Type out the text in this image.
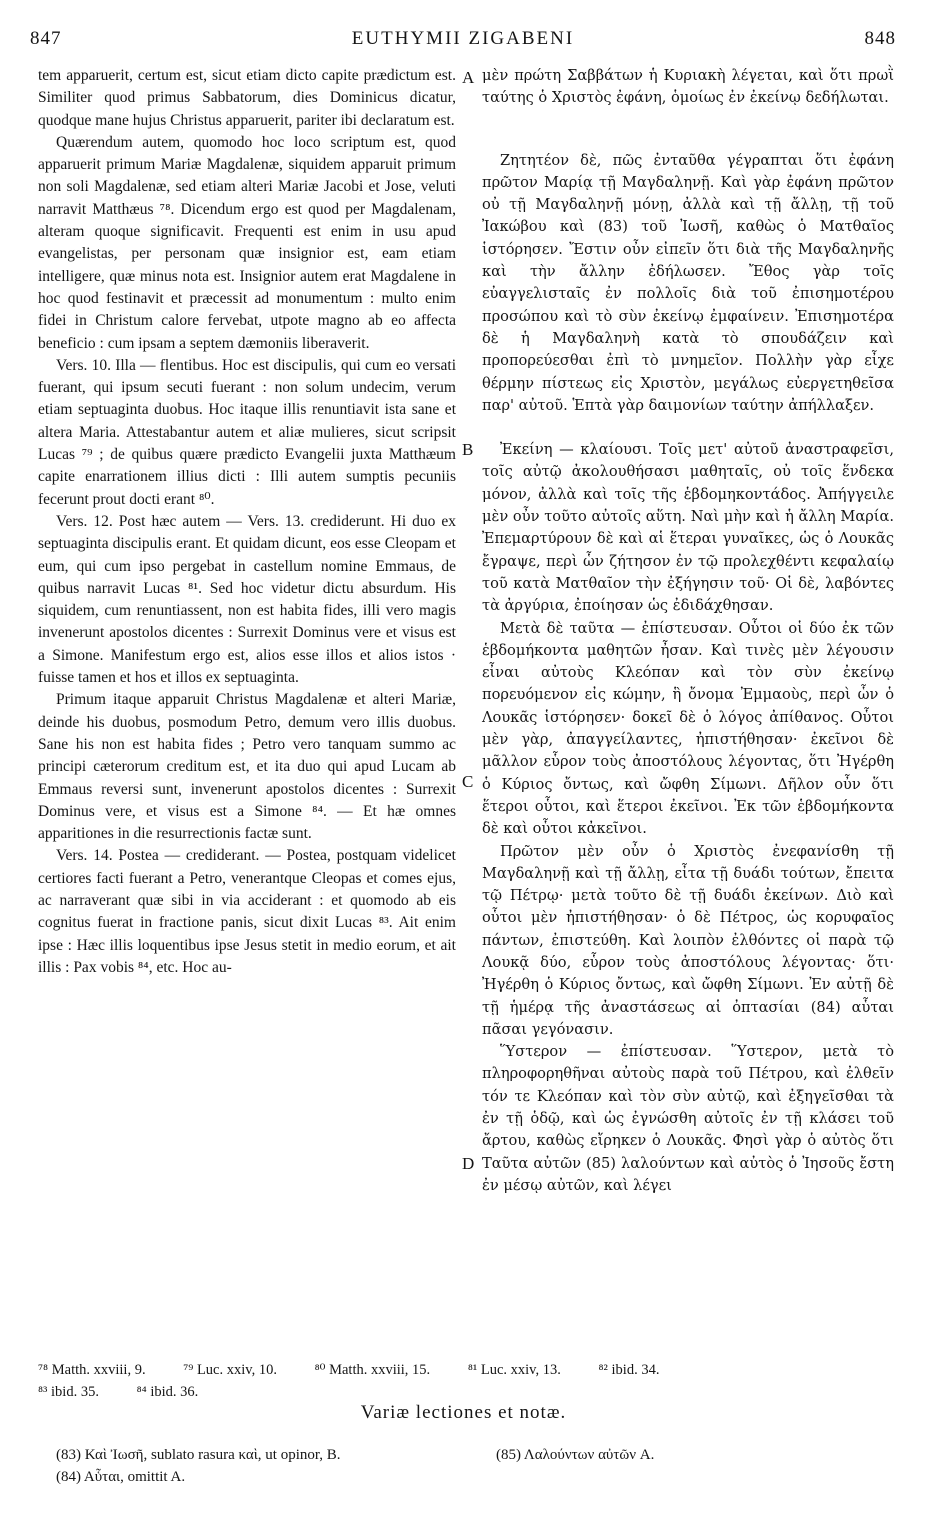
847	EUTHYMII ZIGABENI	848

tem apparuerit, certum est, sicut etiam dicto capite prædictum est. Similiter quod primus Sabbatorum, dies Dominicus dicatur, quodque mane hujus Christus apparuerit, pariter ibi declaratum est.

Quærendum autem, quomodo hoc loco scriptum est, quod apparuerit primum Mariæ Magdalenæ, siquidem apparuit primum non soli Magdalenæ, sed etiam alteri Mariæ Jacobi et Jose, veluti narravit Matthæus ⁷⁸. Dicendum ergo est quod per Magdalenam, alteram quoque significavit. Frequenti est enim in usu apud evangelistas, per personam quæ insignior est, eam etiam intelligere, quæ minus nota est. Insignior autem erat Magdalene in hoc quod festinavit et præcessit ad monumentum : multo enim fidei in Christum calore fervebat, utpote magno ab eo affecta beneficio : cum ipsam a septem dæmoniis liberaverit.

Vers. 10. Illa — flentibus. Hoc est discipulis, qui cum eo versati fuerant, qui ipsum secuti fuerant : non solum undecim, verum etiam septuaginta duobus. Hoc itaque illis renuntiavit ista sane et altera Maria. Attestabantur autem et aliæ mulieres, sicut scripsit Lucas ⁷⁹ ; de quibus quære prædicto Evangelii juxta Matthæum capite enarrationem illius dicti : Illi autem sumptis pecuniis fecerunt prout docti erant ⁸⁰.

Vers. 12. Post hæc autem — Vers. 13. crediderunt. Hi duo ex septuaginta discipulis erant. Et quidam dicunt, eos esse Cleopam et eum, qui cum ipso pergebat in castellum nomine Emmaus, de quibus narravit Lucas ⁸¹. Sed hoc videtur dictu absurdum. His siquidem, cum renuntiassent, non est habita fides, illi vero magis invenerunt apostolos dicentes : Surrexit Dominus vere et visus est a Simone. Manifestum ergo est, alios esse illos et alios istos · fuisse tamen et hos et illos ex septuaginta.

Primum itaque apparuit Christus Magdalenæ et alteri Mariæ, deinde his duobus, posmodum Petro, demum vero illis duobus. Sane his non est habita fides ; Petro vero tanquam summo ac principi cæterorum creditum est, et ita duo qui apud Lucam ab Emmaus reversi sunt, invenerunt apostolos dicentes : Surrexit Dominus vere, et visus est a Simone ⁸⁴. — Et hæ omnes apparitiones in die resurrectionis factæ sunt.

Vers. 14. Postea — crediderant. — Postea, postquam videlicet certiores facti fuerant a Petro, venerantque Cleopas et comes ejus, ac narraverant quæ sibi in via acciderant : et quomodo ab eis cognitus fuerat in fractione panis, sicut dixit Lucas ⁸³. Ait enim ipse : Hæc illis loquentibus ipse Jesus stetit in medio eorum, et ait illis : Pax vobis ⁸⁴, etc. Hoc au-

A
B
C
D

μὲν πρώτη Σαββάτων ἡ Κυριακὴ λέγεται, καὶ ὅτι πρωῒ ταύτης ὁ Χριστὸς ἐφάνη, ὁμοίως ἐν ἐκείνῳ δεδήλωται.

Ζητητέον δὲ, πῶς ἐνταῦθα γέγραπται ὅτι ἐφάνη πρῶτον Μαρίᾳ τῇ Μαγδαληνῇ. Καὶ γὰρ ἐφάνη πρῶτον οὐ τῇ Μαγδαληνῇ μόνῃ, ἀλλὰ καὶ τῇ ἄλλῃ, τῇ τοῦ Ἰακώβου καὶ (83) τοῦ Ἰωσῆ, καθὼς ὁ Ματθαῖος ἱστόρησεν. Ἔστιν οὖν εἰπεῖν ὅτι διὰ τῆς Μαγδαληνῆς καὶ τὴν ἄλλην ἐδήλωσεν. Ἔθος γὰρ τοῖς εὐαγγελισταῖς ἐν πολλοῖς διὰ τοῦ ἐπισημοτέρου προσώπου καὶ τὸ σὺν ἐκείνῳ ἐμφαίνειν. Ἐπισημοτέρα δὲ ἡ Μαγδαληνὴ κατὰ τὸ σπουδάζειν καὶ προπορεύεσθαι ἐπὶ τὸ μνημεῖον. Πολλὴν γὰρ εἶχε θέρμην πίστεως εἰς Χριστὸν, μεγάλως εὐεργετηθεῖσα παρ' αὐτοῦ. Ἑπτὰ γὰρ δαιμονίων ταύτην ἀπήλλαξεν.

Ἐκείνη — κλαίουσι. Τοῖς μετ' αὐτοῦ ἀναστραφεῖσι, τοῖς αὐτῷ ἀκολουθήσασι μαθηταῖς, οὐ τοῖς ἕνδεκα μόνον, ἀλλὰ καὶ τοῖς τῆς ἑβδομηκοντάδος. Ἀπήγγειλε μὲν οὖν τοῦτο αὐτοῖς αὕτη. Ναὶ μὴν καὶ ἡ ἄλλη Μαρία. Ἐπεμαρτύρουν δὲ καὶ αἱ ἕτεραι γυναῖκες, ὡς ὁ Λουκᾶς ἔγραψε, περὶ ὧν ζήτησον ἐν τῷ προλεχθέντι κεφαλαίῳ τοῦ κατὰ Ματθαῖον τὴν ἐξήγησιν τοῦ· Οἱ δὲ, λαβόντες τὰ ἀργύρια, ἐποίησαν ὡς ἐδιδάχθησαν.

Μετὰ δὲ ταῦτα — ἐπίστευσαν. Οὗτοι οἱ δύο ἐκ τῶν ἑβδομήκοντα μαθητῶν ἦσαν. Καὶ τινὲς μὲν λέγουσιν εἶναι αὐτοὺς Κλεόπαν καὶ τὸν σὺν ἐκείνῳ πορευόμενον εἰς κώμην, ἣ ὄνομα Ἐμμαοὺς, περὶ ὧν ὁ Λουκᾶς ἱστόρησεν· δοκεῖ δὲ ὁ λόγος ἀπίθανος. Οὗτοι μὲν γὰρ, ἀπαγγείλαντες, ἠπιστήθησαν· ἐκεῖνοι δὲ μᾶλλον εὗρον τοὺς ἀποστόλους λέγοντας, ὅτι Ἠγέρθη ὁ Κύριος ὄντως, καὶ ὤφθη Σίμωνι. Δῆλον οὖν ὅτι ἕτεροι οὗτοι, καὶ ἕτεροι ἐκεῖνοι. Ἐκ τῶν ἑβδομήκοντα δὲ καὶ οὗτοι κἀκεῖνοι.

Πρῶτον μὲν οὖν ὁ Χριστὸς ἐνεφανίσθη τῇ Μαγδαληνῇ καὶ τῇ ἄλλῃ, εἶτα τῇ δυάδι τούτων, ἔπειτα τῷ Πέτρῳ· μετὰ τοῦτο δὲ τῇ δυάδι ἐκείνων. Διὸ καὶ οὗτοι μὲν ἠπιστήθησαν· ὁ δὲ Πέτρος, ὡς κορυφαῖος πάντων, ἐπιστεύθη. Καὶ λοιπὸν ἐλθόντες οἱ παρὰ τῷ Λουκᾷ δύο, εὗρον τοὺς ἀποστόλους λέγοντας· ὅτι· Ἠγέρθη ὁ Κύριος ὄντως, καὶ ὤφθη Σίμωνι. Ἐν αὐτῇ δὲ τῇ ἡμέρᾳ τῆς ἀναστάσεως αἱ ὀπτασίαι (84) αὗται πᾶσαι γεγόνασιν.

Ὕστερον — ἐπίστευσαν. Ὕστερον, μετὰ τὸ πληροφορηθῆναι αὐτοὺς παρὰ τοῦ Πέτρου, καὶ ἐλθεῖν τόν τε Κλεόπαν καὶ τὸν σὺν αὐτῷ, καὶ ἐξηγεῖσθαι τὰ ἐν τῇ ὁδῷ, καὶ ὡς ἐγνώσθη αὐτοῖς ἐν τῇ κλάσει τοῦ ἄρτου, καθὼς εἴρηκεν ὁ Λουκᾶς. Φησὶ γὰρ ὁ αὐτὸς ὅτι Ταῦτα αὐτῶν (85) λαλούντων καὶ αὐτὸς ὁ Ἰησοῦς ἔστη ἐν μέσῳ αὐτῶν, καὶ λέγει

⁷⁸ Matth. xxviii, 9.	⁷⁹ Luc. xxiv, 10.	⁸⁰ Matth. xxviii, 15.	⁸¹ Luc. xxiv, 13.	⁸² ibid. 34.
⁸³ ibid. 35.	⁸⁴ ibid. 36.
Variæ lectiones et notæ.
(83) Καὶ Ἰωσῆ, sublato rasura καὶ, ut opinor, B.
(84) Αὗται, omittit A.
(85) Λαλούντων αὐτῶν A.
